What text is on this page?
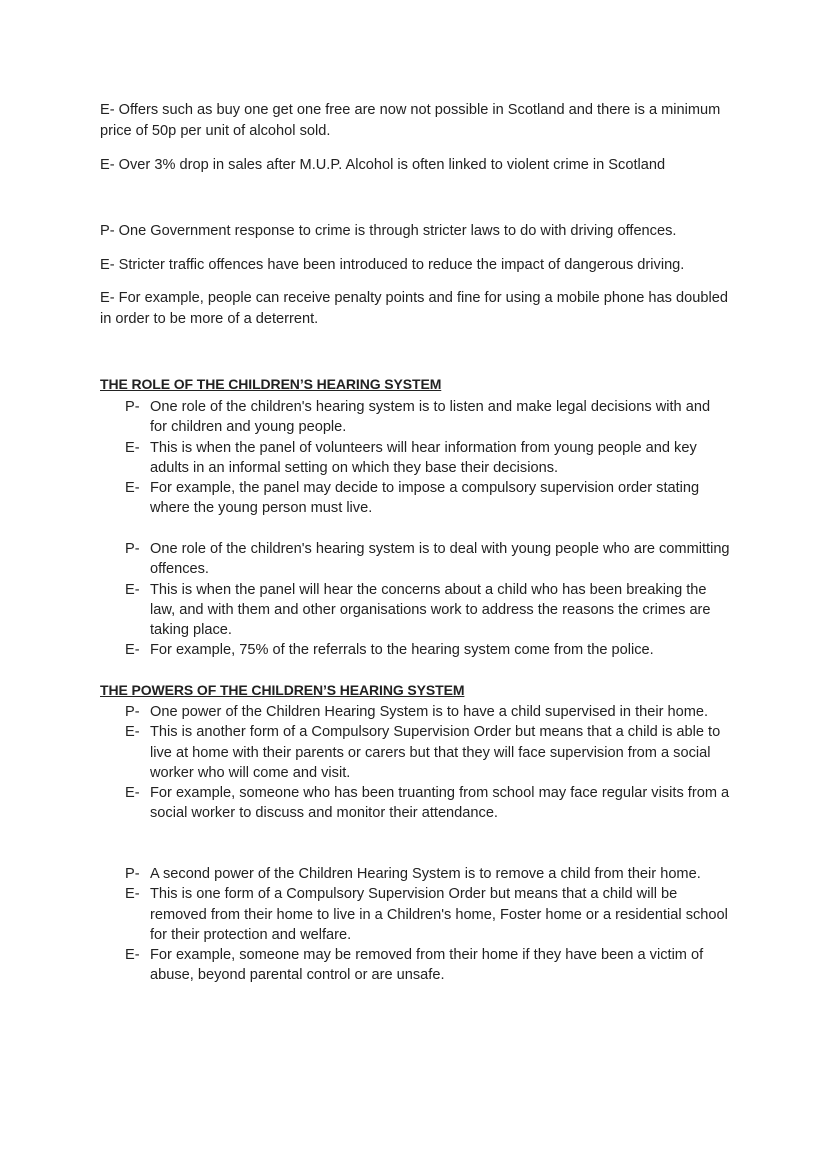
E- Offers such as buy one get one free are now not possible in Scotland and there is a minimum price of 50p per unit of alcohol sold.

E- Over 3% drop in sales after M.U.P. Alcohol is often linked to violent crime in Scotland

P- One Government response to crime is through stricter laws to do with driving offences.

E- Stricter traffic offences have been introduced to reduce the impact of dangerous driving.

E- For example, people can receive penalty points and fine for using a mobile phone has doubled in order to be more of a deterrent.

THE ROLE OF THE CHILDREN’S HEARING SYSTEM
P- One role of the children's hearing system is to listen and make legal decisions with and for children and young people.
E- This is when the panel of volunteers will hear information from young people and key adults in an informal setting on which they base their decisions.
E- For example, the panel may decide to impose a compulsory supervision order stating where the young person must live.
P- One role of the children's hearing system is to deal with young people who are committing offences.
E- This is when the panel will hear the concerns about a child who has been breaking the law, and with them and other organisations work to address the reasons the crimes are taking place.
E- For example, 75% of the referrals to the hearing system come from the police.
THE POWERS OF THE CHILDREN’S HEARING SYSTEM
P- One power of the Children Hearing System is to have a child supervised in their home.
E- This is another form of a Compulsory Supervision Order but means that a child is able to live at home with their parents or carers but that they will face supervision from a social worker who will come and visit.
E- For example, someone who has been truanting from school may face regular visits from a social worker to discuss and monitor their attendance.
P- A second power of the Children Hearing System is to remove a child from their home.
E- This is one form of a Compulsory Supervision Order but means that a child will be removed from their home to live in a Children's home, Foster home or a residential school for their protection and welfare.
E- For example, someone may be removed from their home if they have been a victim of abuse, beyond parental control or are unsafe.
